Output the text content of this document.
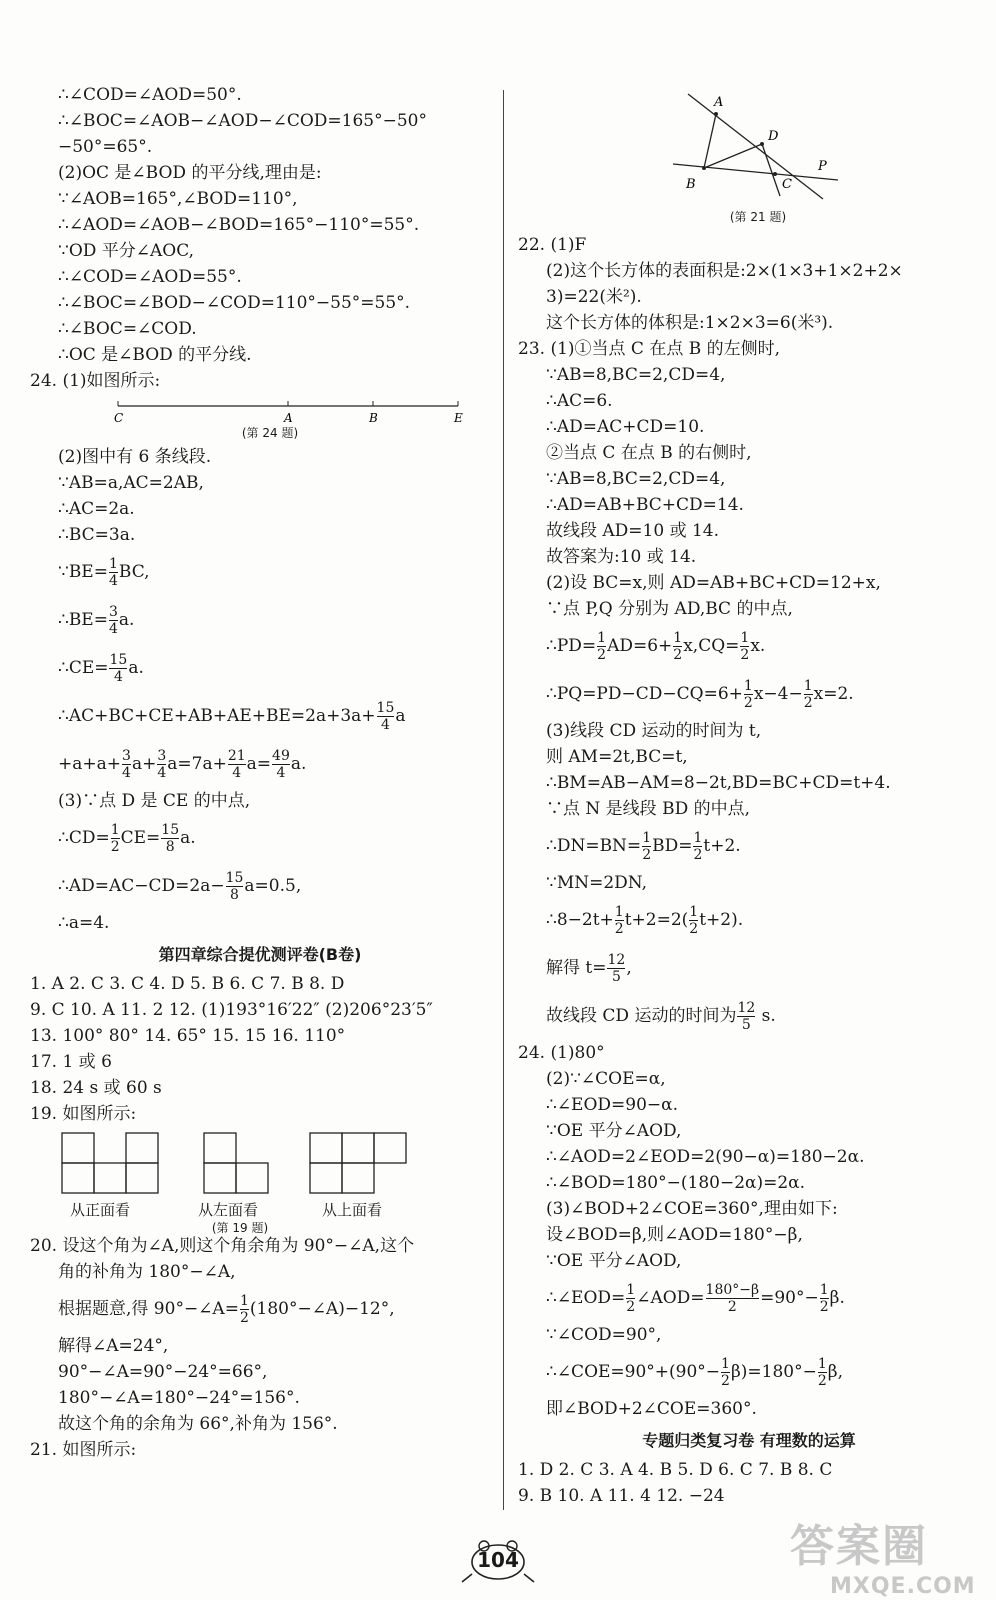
∴∠COD=∠AOD=50°.
∴∠BOC=∠AOB−∠AOD−∠COD=165°−50°
−50°=65°.
(2)OC 是∠BOD 的平分线,理由是:
∵∠AOB=165°,∠BOD=110°,
∴∠AOD=∠AOB−∠BOD=165°−110°=55°.
∵OD 平分∠AOC,
∴∠COD=∠AOD=55°.
∴∠BOC=∠BOD−∠COD=110°−55°=55°.
∴∠BOC=∠COD.
∴OC 是∠BOD 的平分线.
24. (1)如图所示:
C	A	B	E
(第 24 题)
(2)图中有 6 条线段.
∵AB=a,AC=2AB,
∴AC=2a.
∴BC=3a.
∵BE= $\frac{1}{4}$ BC,
∴BE= $\frac{3}{4} a$.
∴CE= $\frac{15}{4} a$.
∴AC+BC+CE+AB+AE+BE=2a+3a+ $\frac{15}{4}$ a
$+a+a+ \frac{3}{4} a+ \frac{3}{4} a=7a+ \frac{21}{4} a= \frac{49}{4} a$.
(3)∵点 D 是 CE 的中点,
∴CD= $\frac{1}{2} CE= \frac{15}{8} a$.
∴AD=AC−CD=2a− $\frac{15}{8} a=0.5$,
∴a=4.
第四章综合提优测评卷(B卷)
1. A 2. C 3. C 4. D 5. B 6. C 7. B 8. D
9. C 10. A 11. 2 12. (1)193°16′22″ (2)206°23′5″
13. 100° 80° 14. 65° 15. 15 16. 110°
17. 1 或 6
18. 24 s 或 60 s
19. 如图所示:
从正面看	从左面看	从上面看
(第 19 题)
20. 设这个角为∠A,则这个角余角为 90°−∠A,这个
角的补角为 180°−∠A,
根据题意,得 90°−∠A= $\frac{1}{2}$ (180°−∠A)−12°,
解得∠A=24°,
90°−∠A=90°−24°=66°,
180°−∠A=180°−24°=156°.
故这个角的余角为 66°,补角为 156°.
21. 如图所示:
A
D
P
B	C
(第 21 题)
22. (1)F
(2)这个长方体的表面积是:2×(1×3+1×2+2×
3)=22(米²).
这个长方体的体积是:1×2×3=6(米³).
23. (1)①当点 C 在点 B 的左侧时,
∵AB=8,BC=2,CD=4,
∴AC=6.
∴AD=AC+CD=10.
②当点 C 在点 B 的右侧时,
∵AB=8,BC=2,CD=4,
∴AD=AB+BC+CD=14.
故线段 AD=10 或 14.
故答案为:10 或 14.
(2)设 BC=x,则 AD=AB+BC+CD=12+x,
∵点 P,Q 分别为 AD,BC 的中点,
∴PD= $\frac{1}{2} AD=6+ \frac{1}{2} x,CQ= \frac{1}{2} x$.
∴PQ=PD−CD−CQ=6+ $\frac{1}{2} x-4- \frac{1}{2} x=2$.
(3)线段 CD 运动的时间为 t,
则 AM=2t,BC=t,
∴BM=AB−AM=8−2t,BD=BC+CD=t+4.
∵点 N 是线段 BD 的中点,
∴DN=BN= $\frac{1}{2} BD= \frac{1}{2} t+2$.
∵MN=2DN,
∴8−2t+ $\frac{1}{2} t+2=2( \frac{1}{2} t+2)$.
解得 $t= \frac{12}{5}$ ,
故线段 CD 运动的时间为 $\frac{12}{5} s$.
24. (1)80°
(2)∵∠COE=α,
∴∠EOD=90−α.
∵OE 平分∠AOD,
∴∠AOD=2∠EOD=2(90−α)=180−2α.
∴∠BOD=180°−(180−2α)=2α.
(3)∠BOD+2∠COE=360°,理由如下:
设∠BOD=β,则∠AOD=180°−β,
∵OE 平分∠AOD,
∴∠EOD= $\frac{1}{2}$ ∠AOD= $\frac{180^\circ-\beta}{2} =90^\circ- \frac{1}{2} \beta$.
∵∠COD=90°,
∴∠COE=90°+(90°− $\frac{1}{2} \beta)=180^\circ- \frac{1}{2} \beta$,
即∠BOD+2∠COE=360°.
专题归类复习卷 有理数的运算
1. D 2. C 3. A 4. B 5. D 6. C 7. B 8. C
9. B 10. A 11. 4 12. −24
答案圈
MXQE.COM
104
